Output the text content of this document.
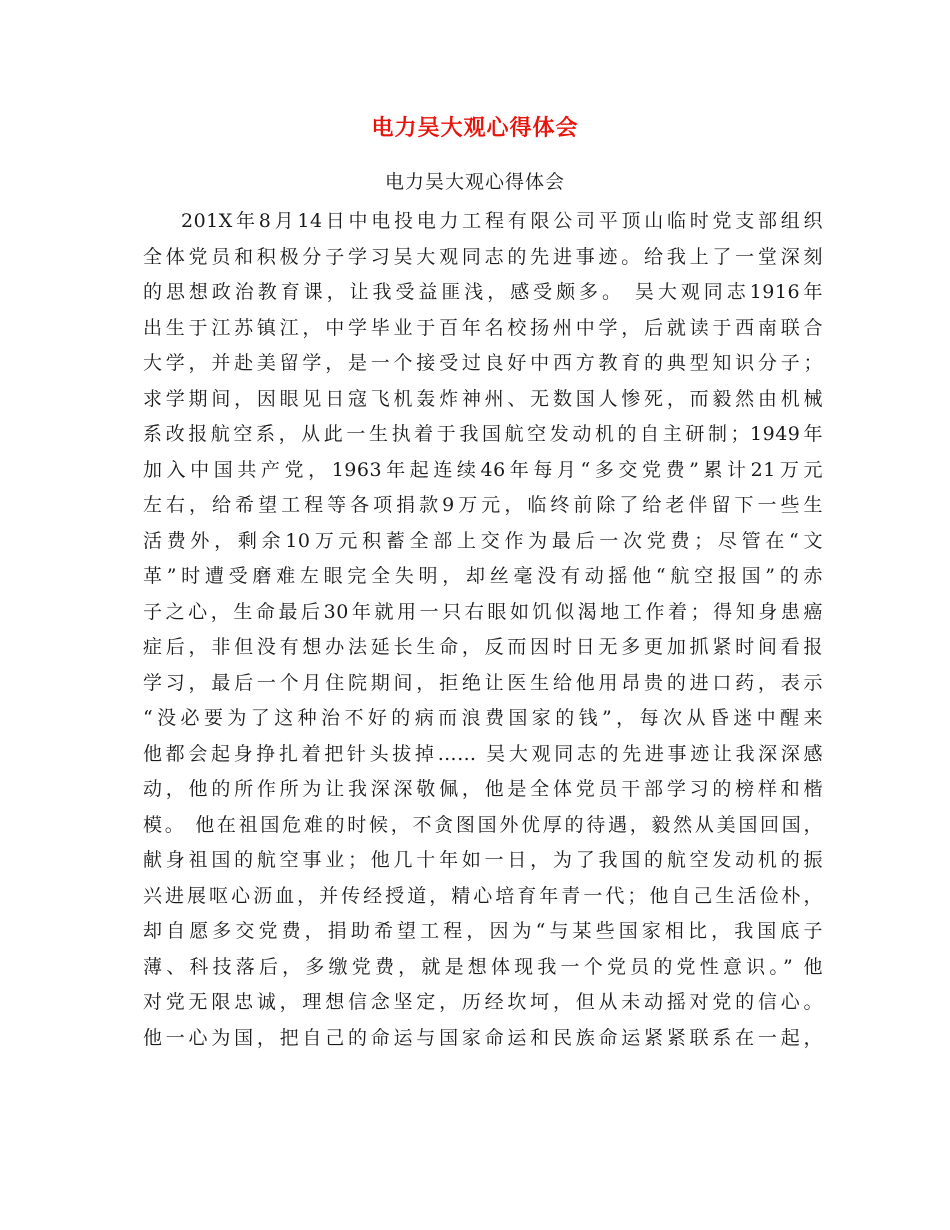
电力吴大观心得体会
电力吴大观心得体会
201X年8月14日中电投电力工程有限公司平顶山临时党支部组织
全体党员和积极分子学习吴大观同志的先进事迹。给我上了一堂深刻
的思想政治教育课，让我受益匪浅，感受颇多。 吴大观同志1916年
出生于江苏镇江，中学毕业于百年名校扬州中学，后就读于西南联合
大学，并赴美留学，是一个接受过良好中西方教育的典型知识分子；
求学期间，因眼见日寇飞机轰炸神州、无数国人惨死，而毅然由机械
系改报航空系，从此一生执着于我国航空发动机的自主研制；1949年
加入中国共产党，1963年起连续46年每月“多交党费”累计21万元
左右，给希望工程等各项捐款9万元，临终前除了给老伴留下一些生
活费外，剩余10万元积蓄全部上交作为最后一次党费；尽管在“文
革”时遭受磨难左眼完全失明，却丝毫没有动摇他“航空报国”的赤
子之心，生命最后30年就用一只右眼如饥似渴地工作着；得知身患癌
症后，非但没有想办法延长生命，反而因时日无多更加抓紧时间看报
学习，最后一个月住院期间，拒绝让医生给他用昂贵的进口药，表示
“没必要为了这种治不好的病而浪费国家的钱”，每次从昏迷中醒来
他都会起身挣扎着把针头拔掉…… 吴大观同志的先进事迹让我深深感
动，他的所作所为让我深深敬佩，他是全体党员干部学习的榜样和楷
模。 他在祖国危难的时候，不贪图国外优厚的待遇，毅然从美国回国，
献身祖国的航空事业；他几十年如一日，为了我国的航空发动机的振
兴进展呕心沥血，并传经授道，精心培育年青一代；他自己生活俭朴，
却自愿多交党费，捐助希望工程，因为“与某些国家相比，我国底子
薄、科技落后，多缴党费，就是想体现我一个党员的党性意识。” 他
对党无限忠诚，理想信念坚定，历经坎坷，但从未动摇对党的信心。
他一心为国，把自己的命运与国家命运和民族命运紧紧联系在一起，
